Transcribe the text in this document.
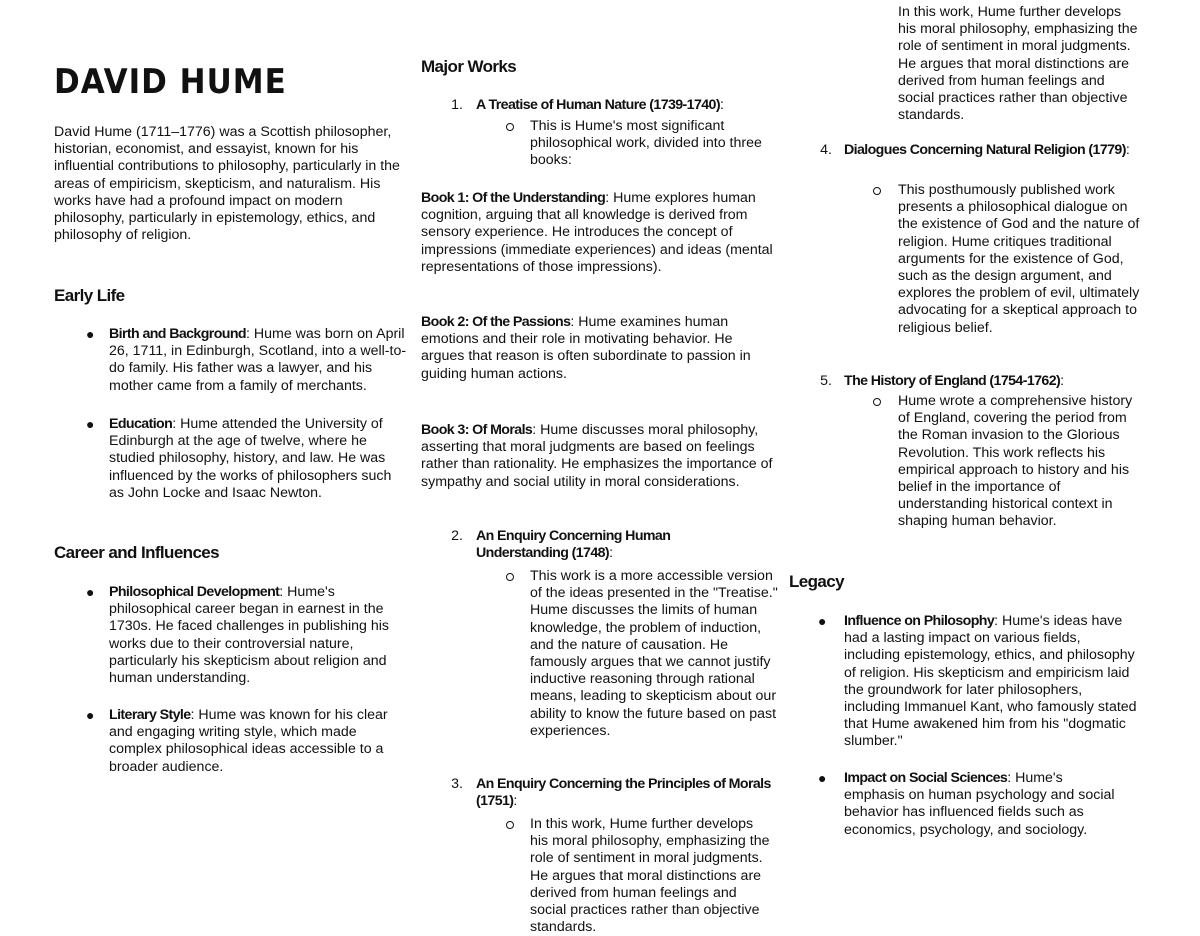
DAVID HUME

David Hume (1711–1776) was a Scottish philosopher, historian, economist, and essayist, known for his influential contributions to philosophy, particularly in the areas of empiricism, skepticism, and naturalism. His works have had a profound impact on modern philosophy, particularly in epistemology, ethics, and philosophy of religion.

Early Life
● Birth and Background: Hume was born on April 26, 1711, in Edinburgh, Scotland, into a well-to-do family. His father was a lawyer, and his mother came from a family of merchants.

● Education: Hume attended the University of Edinburgh at the age of twelve, where he studied philosophy, history, and law. He was influenced by the works of philosophers such as John Locke and Isaac Newton.

Career and Influences
● Philosophical Development: Hume's philosophical career began in earnest in the 1730s. He faced challenges in publishing his works due to their controversial nature, particularly his skepticism about religion and human understanding.

● Literary Style: Hume was known for his clear and engaging writing style, which made complex philosophical ideas accessible to a broader audience.

Major Works
1. A Treatise of Human Nature (1739-1740):

This is Hume's most significant philosophical work, divided into three books:

Book 1: Of the Understanding: Hume explores human cognition, arguing that all knowledge is derived from sensory experience. He introduces the concept of impressions (immediate experiences) and ideas (mental representations of those impressions).

Book 2: Of the Passions: Hume examines human emotions and their role in motivating behavior. He argues that reason is often subordinate to passion in guiding human actions.

Book 3: Of Morals: Hume discusses moral philosophy, asserting that moral judgments are based on feelings rather than rationality. He emphasizes the importance of sympathy and social utility in moral considerations.

2. An Enquiry Concerning Human Understanding (1748):

This work is a more accessible version of the ideas presented in the "Treatise." Hume discusses the limits of human knowledge, the problem of induction, and the nature of causation. He famously argues that we cannot justify inductive reasoning through rational means, leading to skepticism about our ability to know the future based on past experiences.

3. An Enquiry Concerning the Principles of Morals (1751):

In this work, Hume further develops his moral philosophy, emphasizing the role of sentiment in moral judgments. He argues that moral distinctions are derived from human feelings and social practices rather than objective standards.

In this work, Hume further develops his moral philosophy, emphasizing the role of sentiment in moral judgments. He argues that moral distinctions are derived from human feelings and social practices rather than objective standards.

4. Dialogues Concerning Natural Religion (1779):

This posthumously published work presents a philosophical dialogue on the existence of God and the nature of religion. Hume critiques traditional arguments for the existence of God, such as the design argument, and explores the problem of evil, ultimately advocating for a skeptical approach to religious belief.

5. The History of England (1754-1762):

Hume wrote a comprehensive history of England, covering the period from the Roman invasion to the Glorious Revolution. This work reflects his empirical approach to history and his belief in the importance of understanding historical context in shaping human behavior.

Legacy
● Influence on Philosophy: Hume's ideas have had a lasting impact on various fields, including epistemology, ethics, and philosophy of religion. His skepticism and empiricism laid the groundwork for later philosophers, including Immanuel Kant, who famously stated that Hume awakened him from his "dogmatic slumber."

● Impact on Social Sciences: Hume's emphasis on human psychology and social behavior has influenced fields such as economics, psychology, and sociology.
